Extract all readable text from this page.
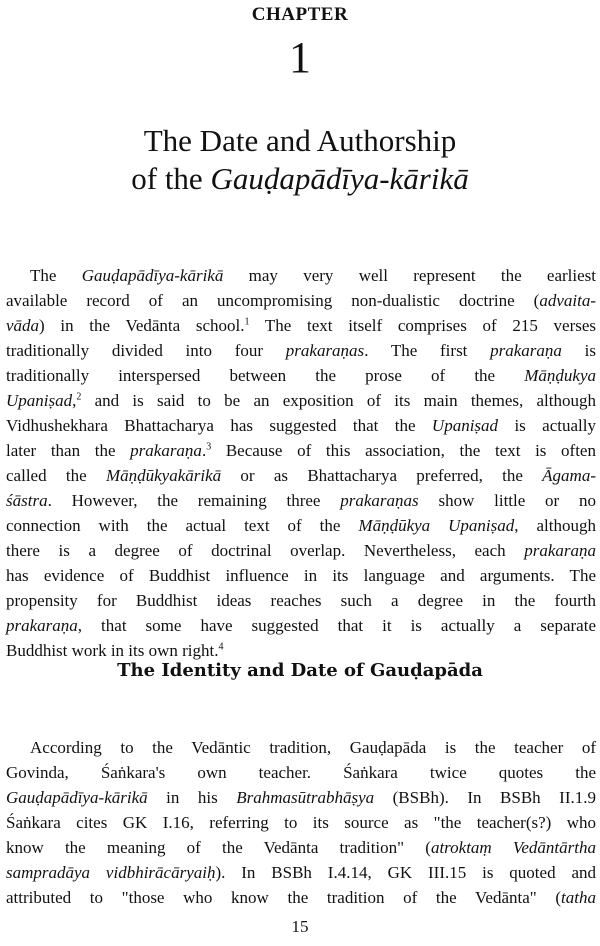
CHAPTER
1
The Date and Authorship
of the Gauḍapādīya-kārikā
The Gauḍapādīya-kārikā may very well represent the earliest
available record of an uncompromising non-dualistic doctrine (advaita-
vāda) in the Vedānta school.$^1$ The text itself comprises of 215 verses
traditionally divided into four prakaraṇas. The first prakaraṇa is
traditionally interspersed between the prose of the Māṇḍukya
Upaniṣad,$^2$ and is said to be an exposition of its main themes, although
Vidhushekhara Bhattacharya has suggested that the Upaniṣad is actually
later than the prakaraṇa.$^3$ Because of this association, the text is often
called the Māṇḍūkyakārikā or as Bhattacharya preferred, the Āgama-
śāstra. However, the remaining three prakaraṇas show little or no
connection with the actual text of the Māṇḍūkya Upaniṣad, although
there is a degree of doctrinal overlap. Nevertheless, each prakaraṇa
has evidence of Buddhist influence in its language and arguments. The
propensity for Buddhist ideas reaches such a degree in the fourth
prakaraṇa, that some have suggested that it is actually a separate
Buddhist work in its own right.$^4$
The Identity and Date of Gauḍapāda
According to the Vedāntic tradition, Gauḍapāda is the teacher of
Govinda, Śaṅkara's own teacher. Śaṅkara twice quotes the
Gauḍapādīya-kārikā in his Brahmasūtrabhāṣya (BSBh). In BSBh II.1.9
Śaṅkara cites GK I.16, referring to its source as "the teacher(s?) who
know the meaning of the Vedānta tradition" (atroktaṃ Vedāntārtha
sampradāya vidbhirācāryaiḥ). In BSBh I.4.14, GK III.15 is quoted and
attributed to "those who know the tradition of the Vedānta" (tatha
15
